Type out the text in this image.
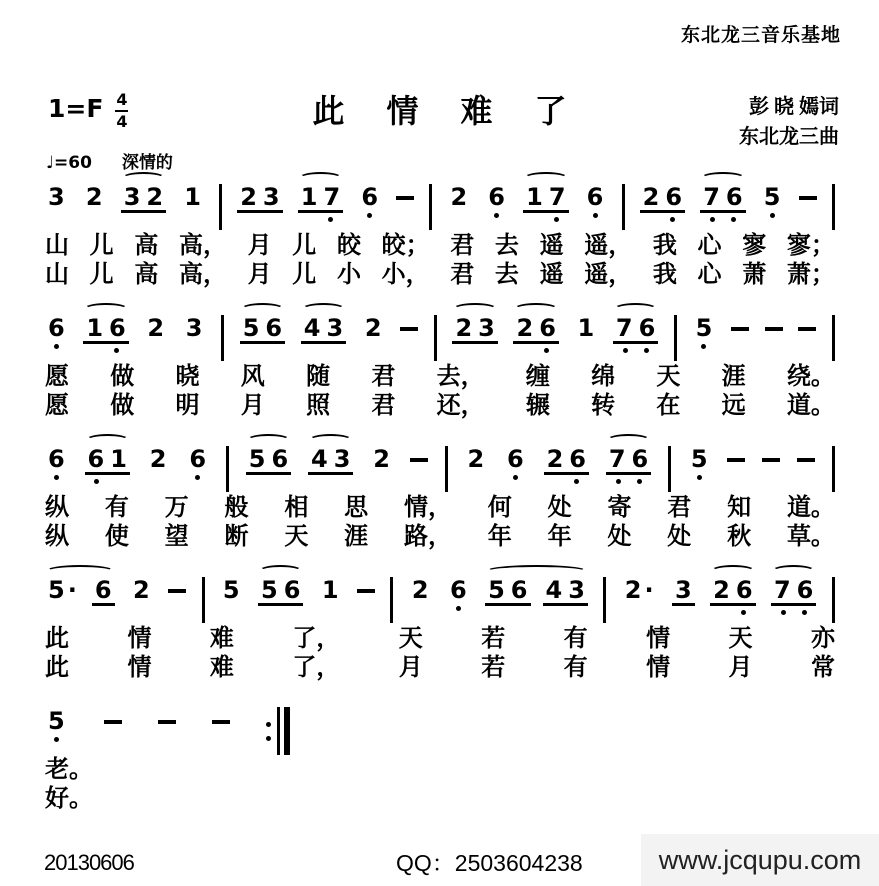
东北龙三音乐基地
此情难了
$1=F \frac{4}{4}$	彭 晓 嫣词
东北龙三曲
♩=60 深情的
3 2 3 2 1 2 3 1 7 6	2 6 1 7 6 2 6 7 6 5
山 儿 高 高， 月 儿 皎 皎； 君 去 遥 遥， 我 心 寥 寥；
山 儿 高 高， 月 儿 小 小， 君 去 遥 遥， 我 心 萧 萧；
6 1 6 2 3 5 6 4 3 2	2 3 2 6 1 7 6 5
愿 做 晓 风 随 君 去， 缠 绵 天 涯 绕。
愿 做 明 月 照 君 还， 辗 转 在 远 道。
6 6 1 2 6 5 6 4 3 2	2 6 2 6 7 6 5
纵 有 万 般 相 思 情， 何 处 寄 君 知 道。
纵 使 望 断 天 涯 路， 年 年 处 处 秋 草。
5 · 6 2	5 5 6 1	2 6 5 6 4 3 2 · 3 2 6 7 6
此 情 难 了， 天 若 有 情 天 亦
此 情 难 了， 月 若 有 情 月 常
5
老。
好。
20130606	QQ：2503604238	www.jcqupu.com
